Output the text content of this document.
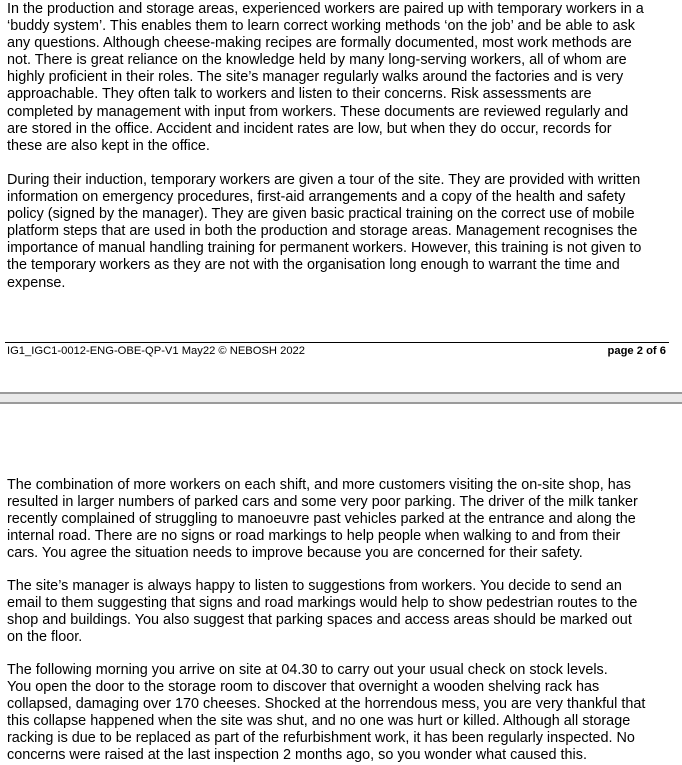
In the production and storage areas, experienced workers are paired up with temporary workers in a
‘buddy system’. This enables them to learn correct working methods ‘on the job’ and be able to ask
any questions. Although cheese-making recipes are formally documented, most work methods are
not. There is great reliance on the knowledge held by many long-serving workers, all of whom are
highly proficient in their roles. The site’s manager regularly walks around the factories and is very
approachable. They often talk to workers and listen to their concerns. Risk assessments are
completed by management with input from workers. These documents are reviewed regularly and
are stored in the office. Accident and incident rates are low, but when they do occur, records for
these are also kept in the office.

During their induction, temporary workers are given a tour of the site. They are provided with written
information on emergency procedures, first-aid arrangements and a copy of the health and safety
policy (signed by the manager). They are given basic practical training on the correct use of mobile
platform steps that are used in both the production and storage areas. Management recognises the
importance of manual handling training for permanent workers. However, this training is not given to
the temporary workers as they are not with the organisation long enough to warrant the time and
expense.

IG1_IGC1-0012-ENG-OBE-QP-V1 May22 © NEBOSH 2022	page 2 of 6

The combination of more workers on each shift, and more customers visiting the on-site shop, has
resulted in larger numbers of parked cars and some very poor parking. The driver of the milk tanker
recently complained of struggling to manoeuvre past vehicles parked at the entrance and along the
internal road. There are no signs or road markings to help people when walking to and from their
cars. You agree the situation needs to improve because you are concerned for their safety.

The site’s manager is always happy to listen to suggestions from workers. You decide to send an
email to them suggesting that signs and road markings would help to show pedestrian routes to the
shop and buildings. You also suggest that parking spaces and access areas should be marked out
on the floor.

The following morning you arrive on site at 04.30 to carry out your usual check on stock levels.
You open the door to the storage room to discover that overnight a wooden shelving rack has
collapsed, damaging over 170 cheeses. Shocked at the horrendous mess, you are very thankful that
this collapse happened when the site was shut, and no one was hurt or killed. Although all storage
racking is due to be replaced as part of the refurbishment work, it has been regularly inspected. No
concerns were raised at the last inspection 2 months ago, so you wonder what caused this.
